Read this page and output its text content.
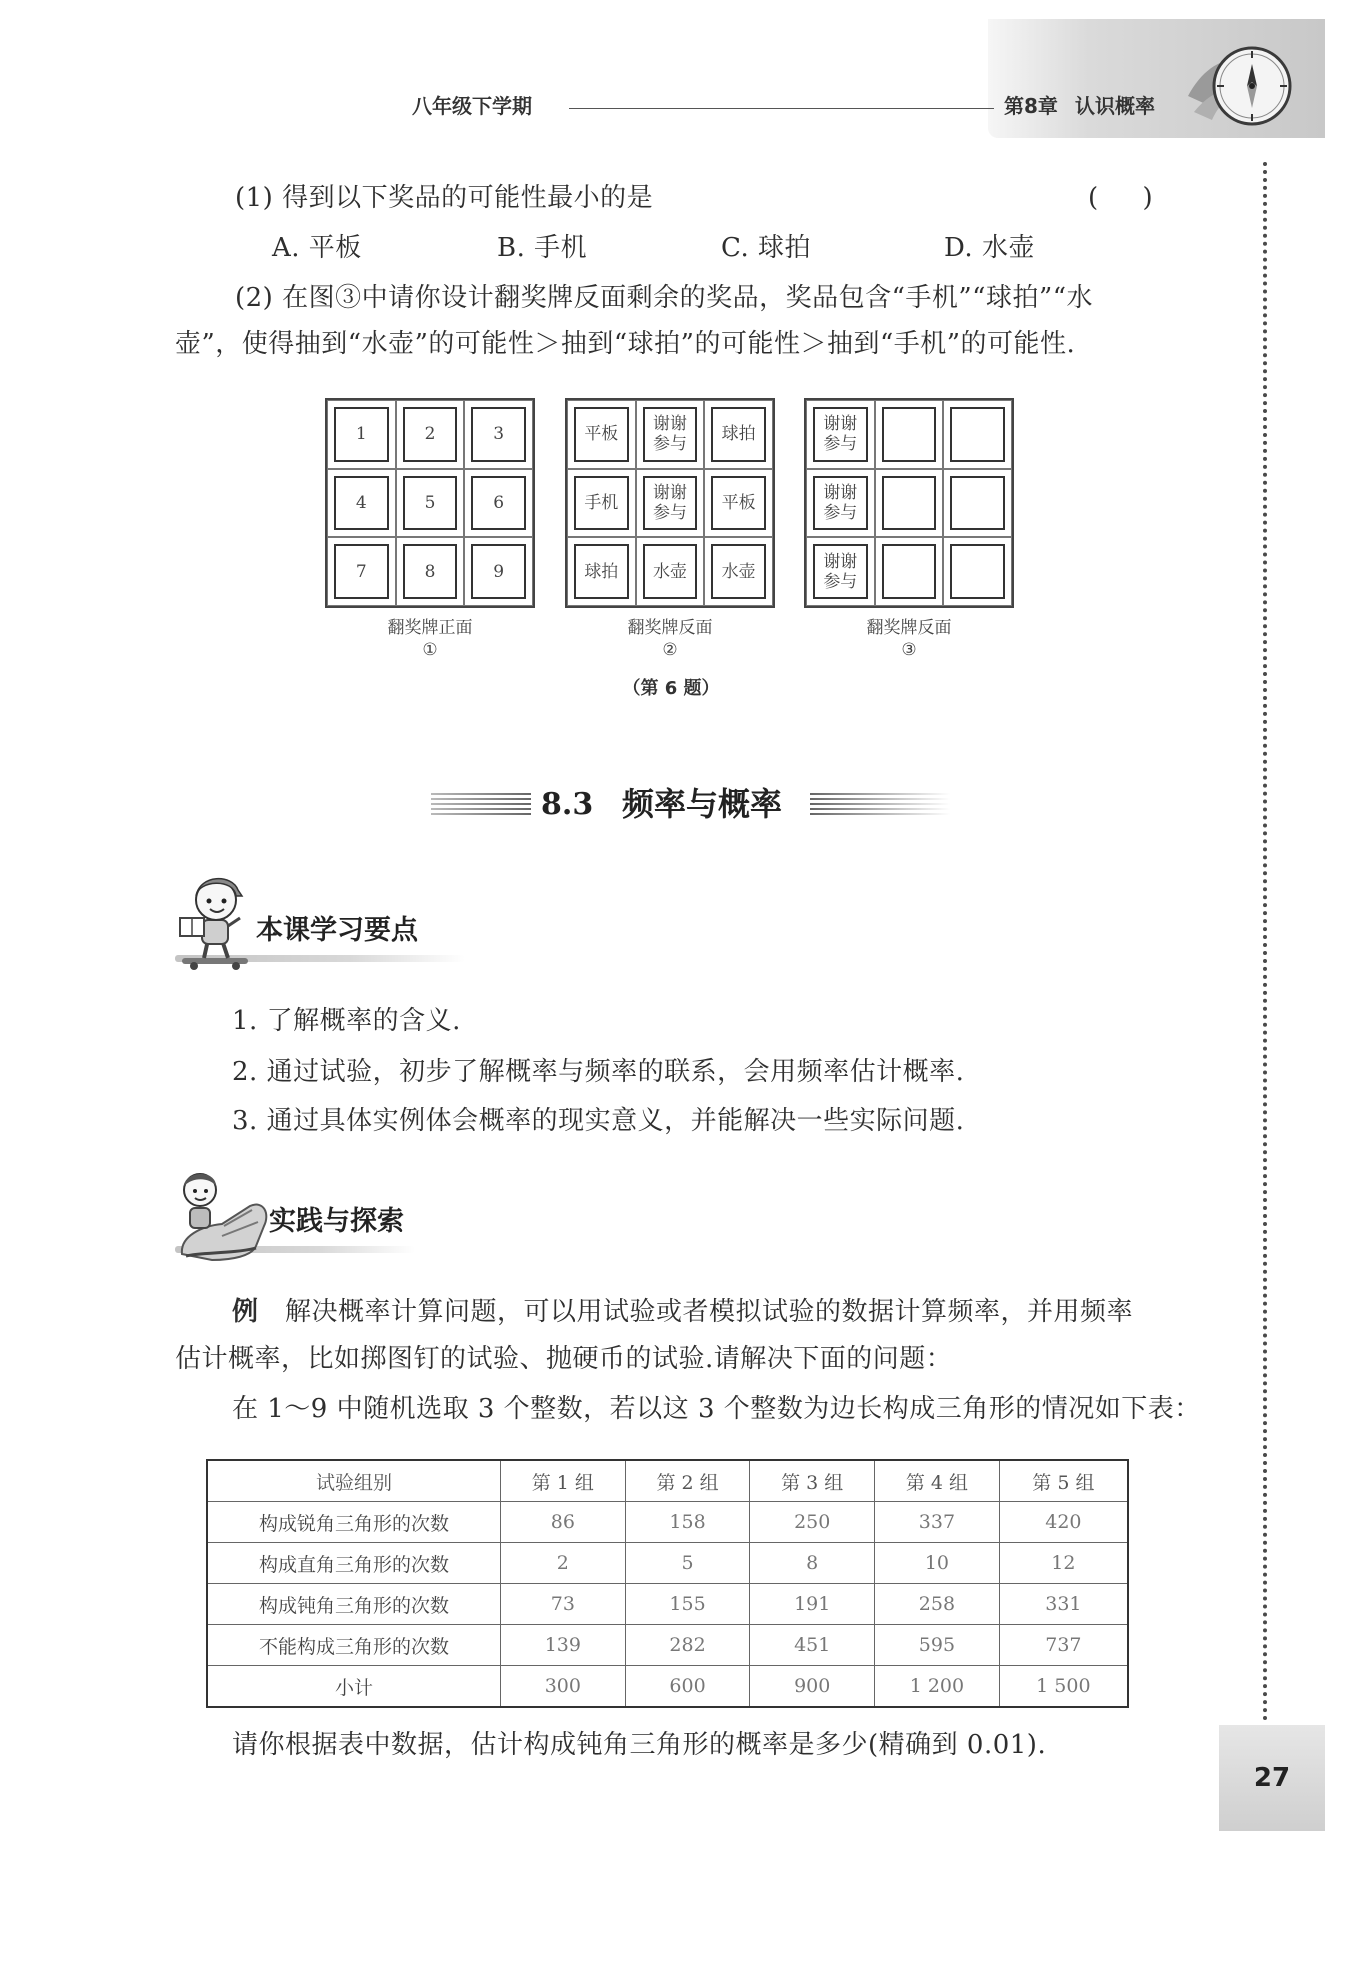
八年级下学期	第8章 认识概率
(1) 得到以下奖品的可能性最小的是	(     )
A. 平板	B. 手机	C. 球拍	D. 水壶
(2) 在图③中请你设计翻奖牌反面剩余的奖品，奖品包含“手机”“球拍”“水
壶”，使得抽到“水壶”的可能性＞抽到“球拍”的可能性＞抽到“手机”的可能性.
1	2	3
4	5	6
7	8	9
平板 谢谢参与 球拍
手机 谢谢参与 平板
球拍 水壶 水壶
谢谢参与
谢谢参与
谢谢参与
翻奖牌正面
①
翻奖牌反面
②
翻奖牌反面
③
（第 6 题）
8.3 频率与概率
本课学习要点
1. 了解概率的含义.
2. 通过试验，初步了解概率与频率的联系，会用频率估计概率.
3. 通过具体实例体会概率的现实意义，并能解决一些实际问题.
实践与探索
例 解决概率计算问题，可以用试验或者模拟试验的数据计算频率，并用频率
估计概率，比如掷图钉的试验、抛硬币的试验.请解决下面的问题：
在 1～9 中随机选取 3 个整数，若以这 3 个整数为边长构成三角形的情况如下表：
试验组别	第 1 组	第 2 组	第 3 组	第 4 组	第 5 组
构成锐角三角形的次数	86	158	250	337	420
构成直角三角形的次数	2	5	8	10	12
构成钝角三角形的次数	73	155	191	258	331
不能构成三角形的次数	139	282	451	595	737
小计	300	600	900	1 200	1 500
请你根据表中数据，估计构成钝角三角形的概率是多少(精确到 0.01).
27
